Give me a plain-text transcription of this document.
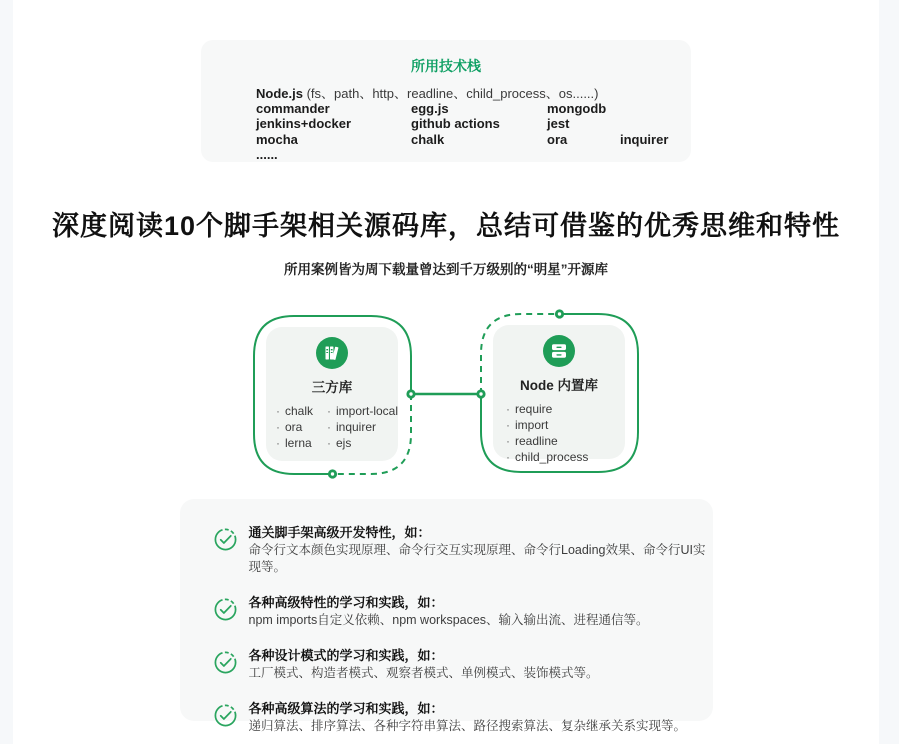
所用技术栈
Node.js (fs、path、http、readline、child_process、os......)
commander	egg.js	mongodb
jenkins+docker	github actions	jest
mocha	chalk	ora	inquirer
......
深度阅读10个脚手架相关源码库，总结可借鉴的优秀思维和特性

所用案例皆为周下载量曾达到千万级别的“明星”开源库

三方库
· chalk
· ora
· lerna
· import-local
· inquirer
· ejs
Node 内置库
· require
· import
· readline
· child_process
通关脚手架高级开发特性，如：
命令行文本颜色实现原理、命令行交互实现原理、命令行Loading效果、命令行UI实现等。
各种高级特性的学习和实践，如：
npm imports自定义依赖、npm workspaces、输入输出流、进程通信等。
各种设计模式的学习和实践，如：
工厂模式、构造者模式、观察者模式、单例模式、装饰模式等。
各种高级算法的学习和实践，如：
递归算法、排序算法、各种字符串算法、路径搜索算法、复杂继承关系实现等。
